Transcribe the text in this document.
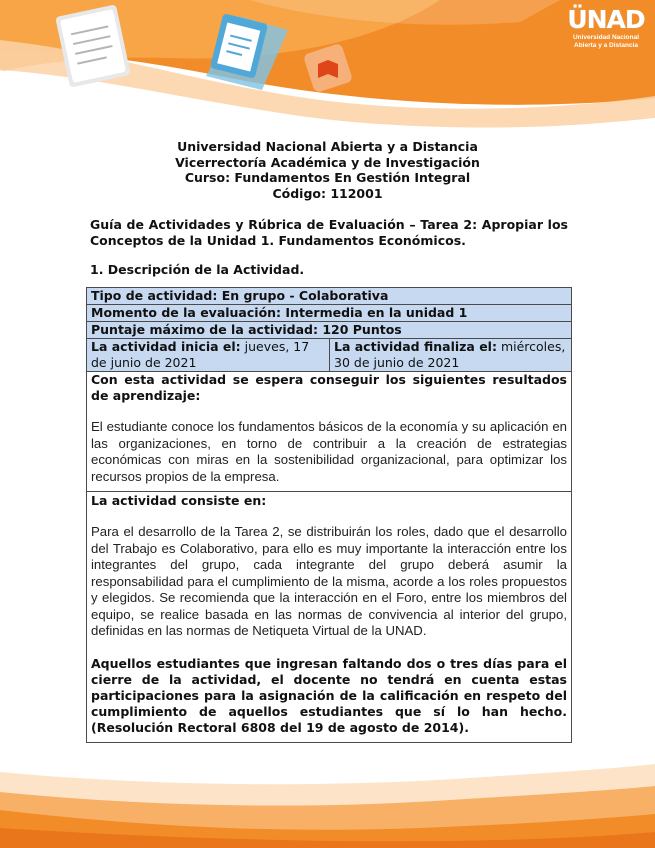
ÜNAD
Universidad Nacional
Abierta y a Distancia
Universidad Nacional Abierta y a Distancia
Vicerrectoría Académica y de Investigación
Curso: Fundamentos En Gestión Integral
Código: 112001
Guía de Actividades y Rúbrica de Evaluación – Tarea 2: Apropiar los Conceptos de la Unidad 1. Fundamentos Económicos.
1. Descripción de la Actividad.
Tipo de actividad: En grupo - Colaborativa
Momento de la evaluación: Intermedia en la unidad 1
Puntaje máximo de la actividad: 120 Puntos
La actividad inicia el: jueves, 17 de junio de 2021
La actividad finaliza el: miércoles, 30 de junio de 2021

Con esta actividad se espera conseguir los siguientes resultados de aprendizaje:

El estudiante conoce los fundamentos básicos de la economía y su aplicación en las organizaciones, en torno de contribuir a la creación de estrategias económicas con miras en la sostenibilidad organizacional, para optimizar los recursos propios de la empresa.

La actividad consiste en:

Para el desarrollo de la Tarea 2, se distribuirán los roles, dado que el desarrollo del Trabajo es Colaborativo, para ello es muy importante la interacción entre los integrantes del grupo, cada integrante del grupo deberá asumir la responsabilidad para el cumplimiento de la misma, acorde a los roles propuestos y elegidos. Se recomienda que la interacción en el Foro, entre los miembros del equipo, se realice basada en las normas de convivencia al interior del grupo, definidas en las normas de Netiqueta Virtual de la UNAD.

Aquellos estudiantes que ingresan faltando dos o tres días para el cierre de la actividad, el docente no tendrá en cuenta estas participaciones para la asignación de la calificación en respeto del cumplimiento de aquellos estudiantes que sí lo han hecho. (Resolución Rectoral 6808 del 19 de agosto de 2014).
